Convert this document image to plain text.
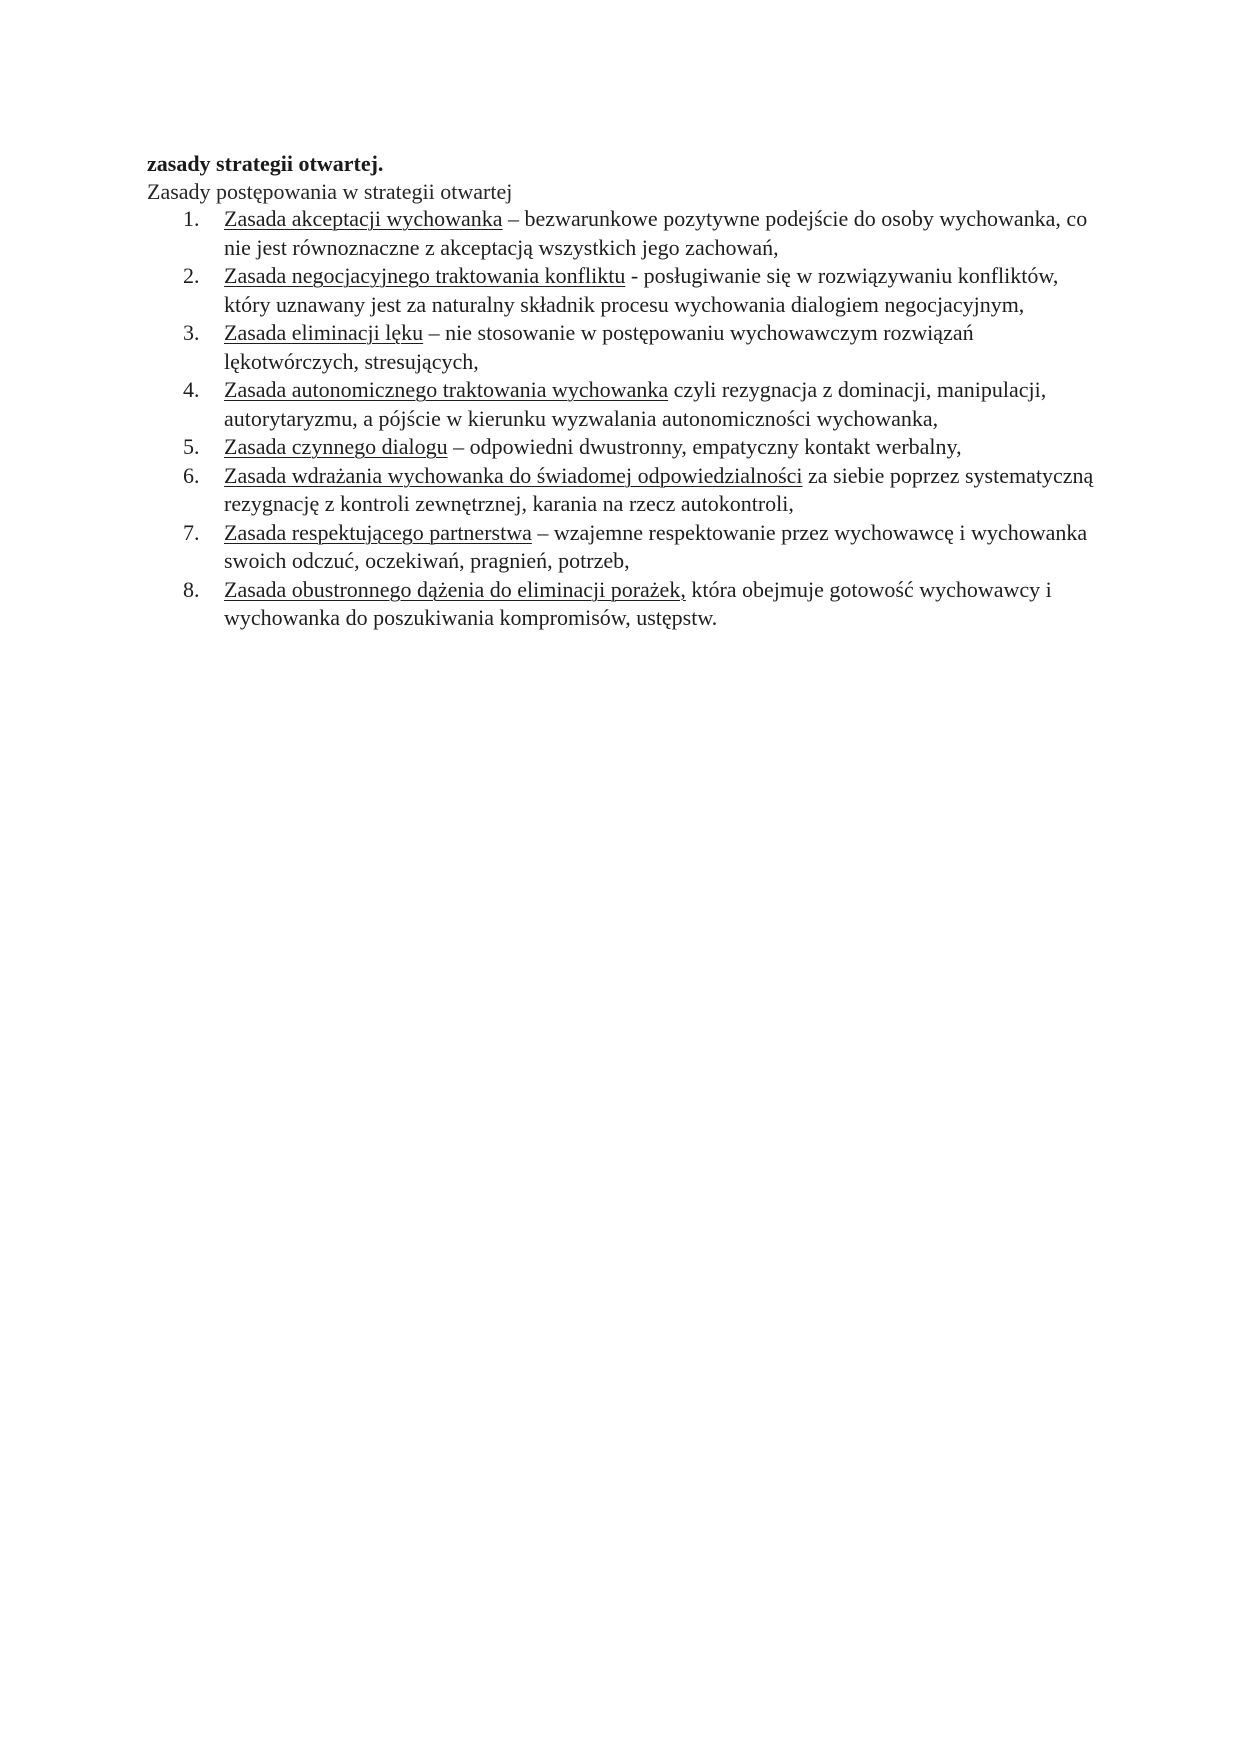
zasady strategii otwartej.

Zasady postępowania w strategii otwartej

1.	Zasada akceptacji wychowanka – bezwarunkowe pozytywne podejście do osoby wychowanka, co nie jest równoznaczne z akceptacją wszystkich jego zachowań,
2.	Zasada negocjacyjnego traktowania konfliktu - posługiwanie się w rozwiązywaniu konfliktów, który uznawany jest za naturalny składnik procesu wychowania dialogiem negocjacyjnym,
3.	Zasada eliminacji lęku – nie stosowanie w postępowaniu wychowawczym rozwiązań lękotwórczych, stresujących,
4.	Zasada autonomicznego traktowania wychowanka czyli rezygnacja z dominacji, manipulacji, autorytaryzmu, a pójście w kierunku wyzwalania autonomiczności wychowanka,
5.	Zasada czynnego dialogu – odpowiedni dwustronny, empatyczny kontakt werbalny,
6.	Zasada wdrażania wychowanka do świadomej odpowiedzialności za siebie poprzez systematyczną rezygnację z kontroli zewnętrznej, karania na rzecz autokontroli,
7.	Zasada respektującego partnerstwa – wzajemne respektowanie przez wychowawcę i wychowanka swoich odczuć, oczekiwań, pragnień, potrzeb,
8.	Zasada obustronnego dążenia do eliminacji porażek, która obejmuje gotowość wychowawcy i wychowanka do poszukiwania kompromisów, ustępstw.
